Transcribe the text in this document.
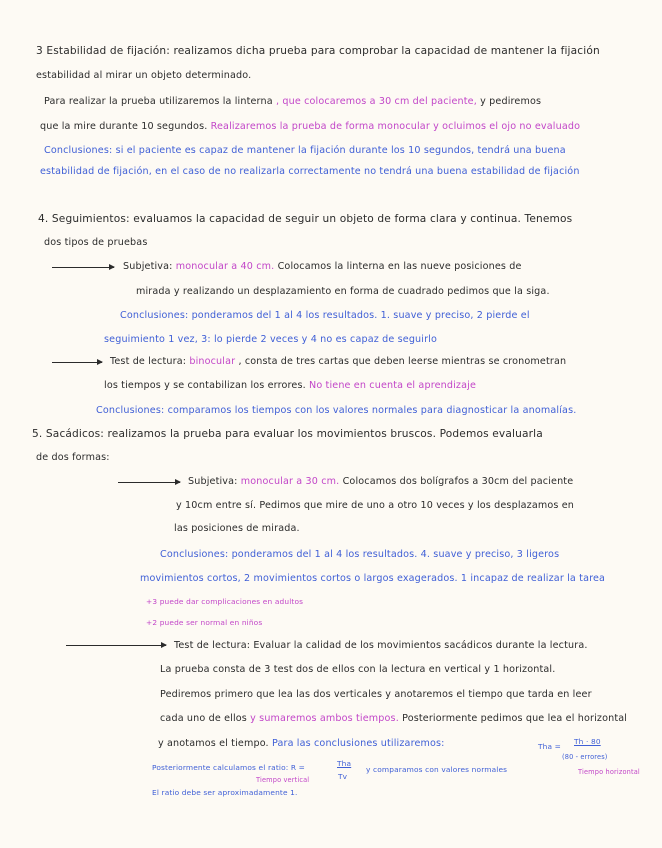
3 Estabilidad de fijación: realizamos dicha prueba para comprobar la capacidad de mantener la fijación
estabilidad al mirar un objeto determinado.
Para realizar la prueba utilizaremos la linterna , que colocaremos a 30 cm del paciente, y pediremos
que la mire durante 10 segundos. Realizaremos la prueba de forma monocular y ocluimos el ojo no evaluado
Conclusiones: si el paciente es capaz de mantener la fijación durante los 10 segundos, tendrá una buena
estabilidad de fijación, en el caso de no realizarla correctamente no tendrá una buena estabilidad de fijación
4. Seguimientos: evaluamos la capacidad de seguir un objeto de forma clara y continua. Tenemos
dos tipos de pruebas
Subjetiva: monocular a 40 cm. Colocamos la linterna en las nueve posiciones de
mirada y realizando un desplazamiento en forma de cuadrado pedimos que la siga.
Conclusiones: ponderamos del 1 al 4 los resultados. 1. suave y preciso, 2 pierde el
seguimiento 1 vez, 3: lo pierde 2 veces y 4 no es capaz de seguirlo
Test de lectura: binocular , consta de tres cartas que deben leerse mientras se cronometran
los tiempos y se contabilizan los errores. No tiene en cuenta el aprendizaje
Conclusiones: comparamos los tiempos con los valores normales para diagnosticar la anomalías.
5. Sacádicos: realizamos la prueba para evaluar los movimientos bruscos. Podemos evaluarla
de dos formas:
Subjetiva: monocular a 30 cm. Colocamos dos bolígrafos a 30cm del paciente
y 10cm entre sí. Pedimos que mire de uno a otro 10 veces y los desplazamos en
las posiciones de mirada.
Conclusiones: ponderamos del 1 al 4 los resultados. 4. suave y preciso, 3 ligeros
movimientos cortos, 2 movimientos cortos o largos exagerados. 1 incapaz de realizar la tarea
+3 puede dar complicaciones en adultos
+2 puede ser normal en niños
Test de lectura: Evaluar la calidad de los movimientos sacádicos durante la lectura.
La prueba consta de 3 test dos de ellos con la lectura en vertical y 1 horizontal.
Pediremos primero que lea las dos verticales y anotaremos el tiempo que tarda en leer
cada uno de ellos y sumaremos ambos tiempos. Posteriormente pedimos que lea el horizontal
y anotamos el tiempo. Para las conclusiones utilizaremos:	Tha =
Th · 80
(80 - errores)
Tiempo horizontal
Posteriormente calculamos el ratio: R =	Tha
Tv
y comparamos con valores normales
Tiempo vertical
El ratio debe ser aproximadamente 1.
